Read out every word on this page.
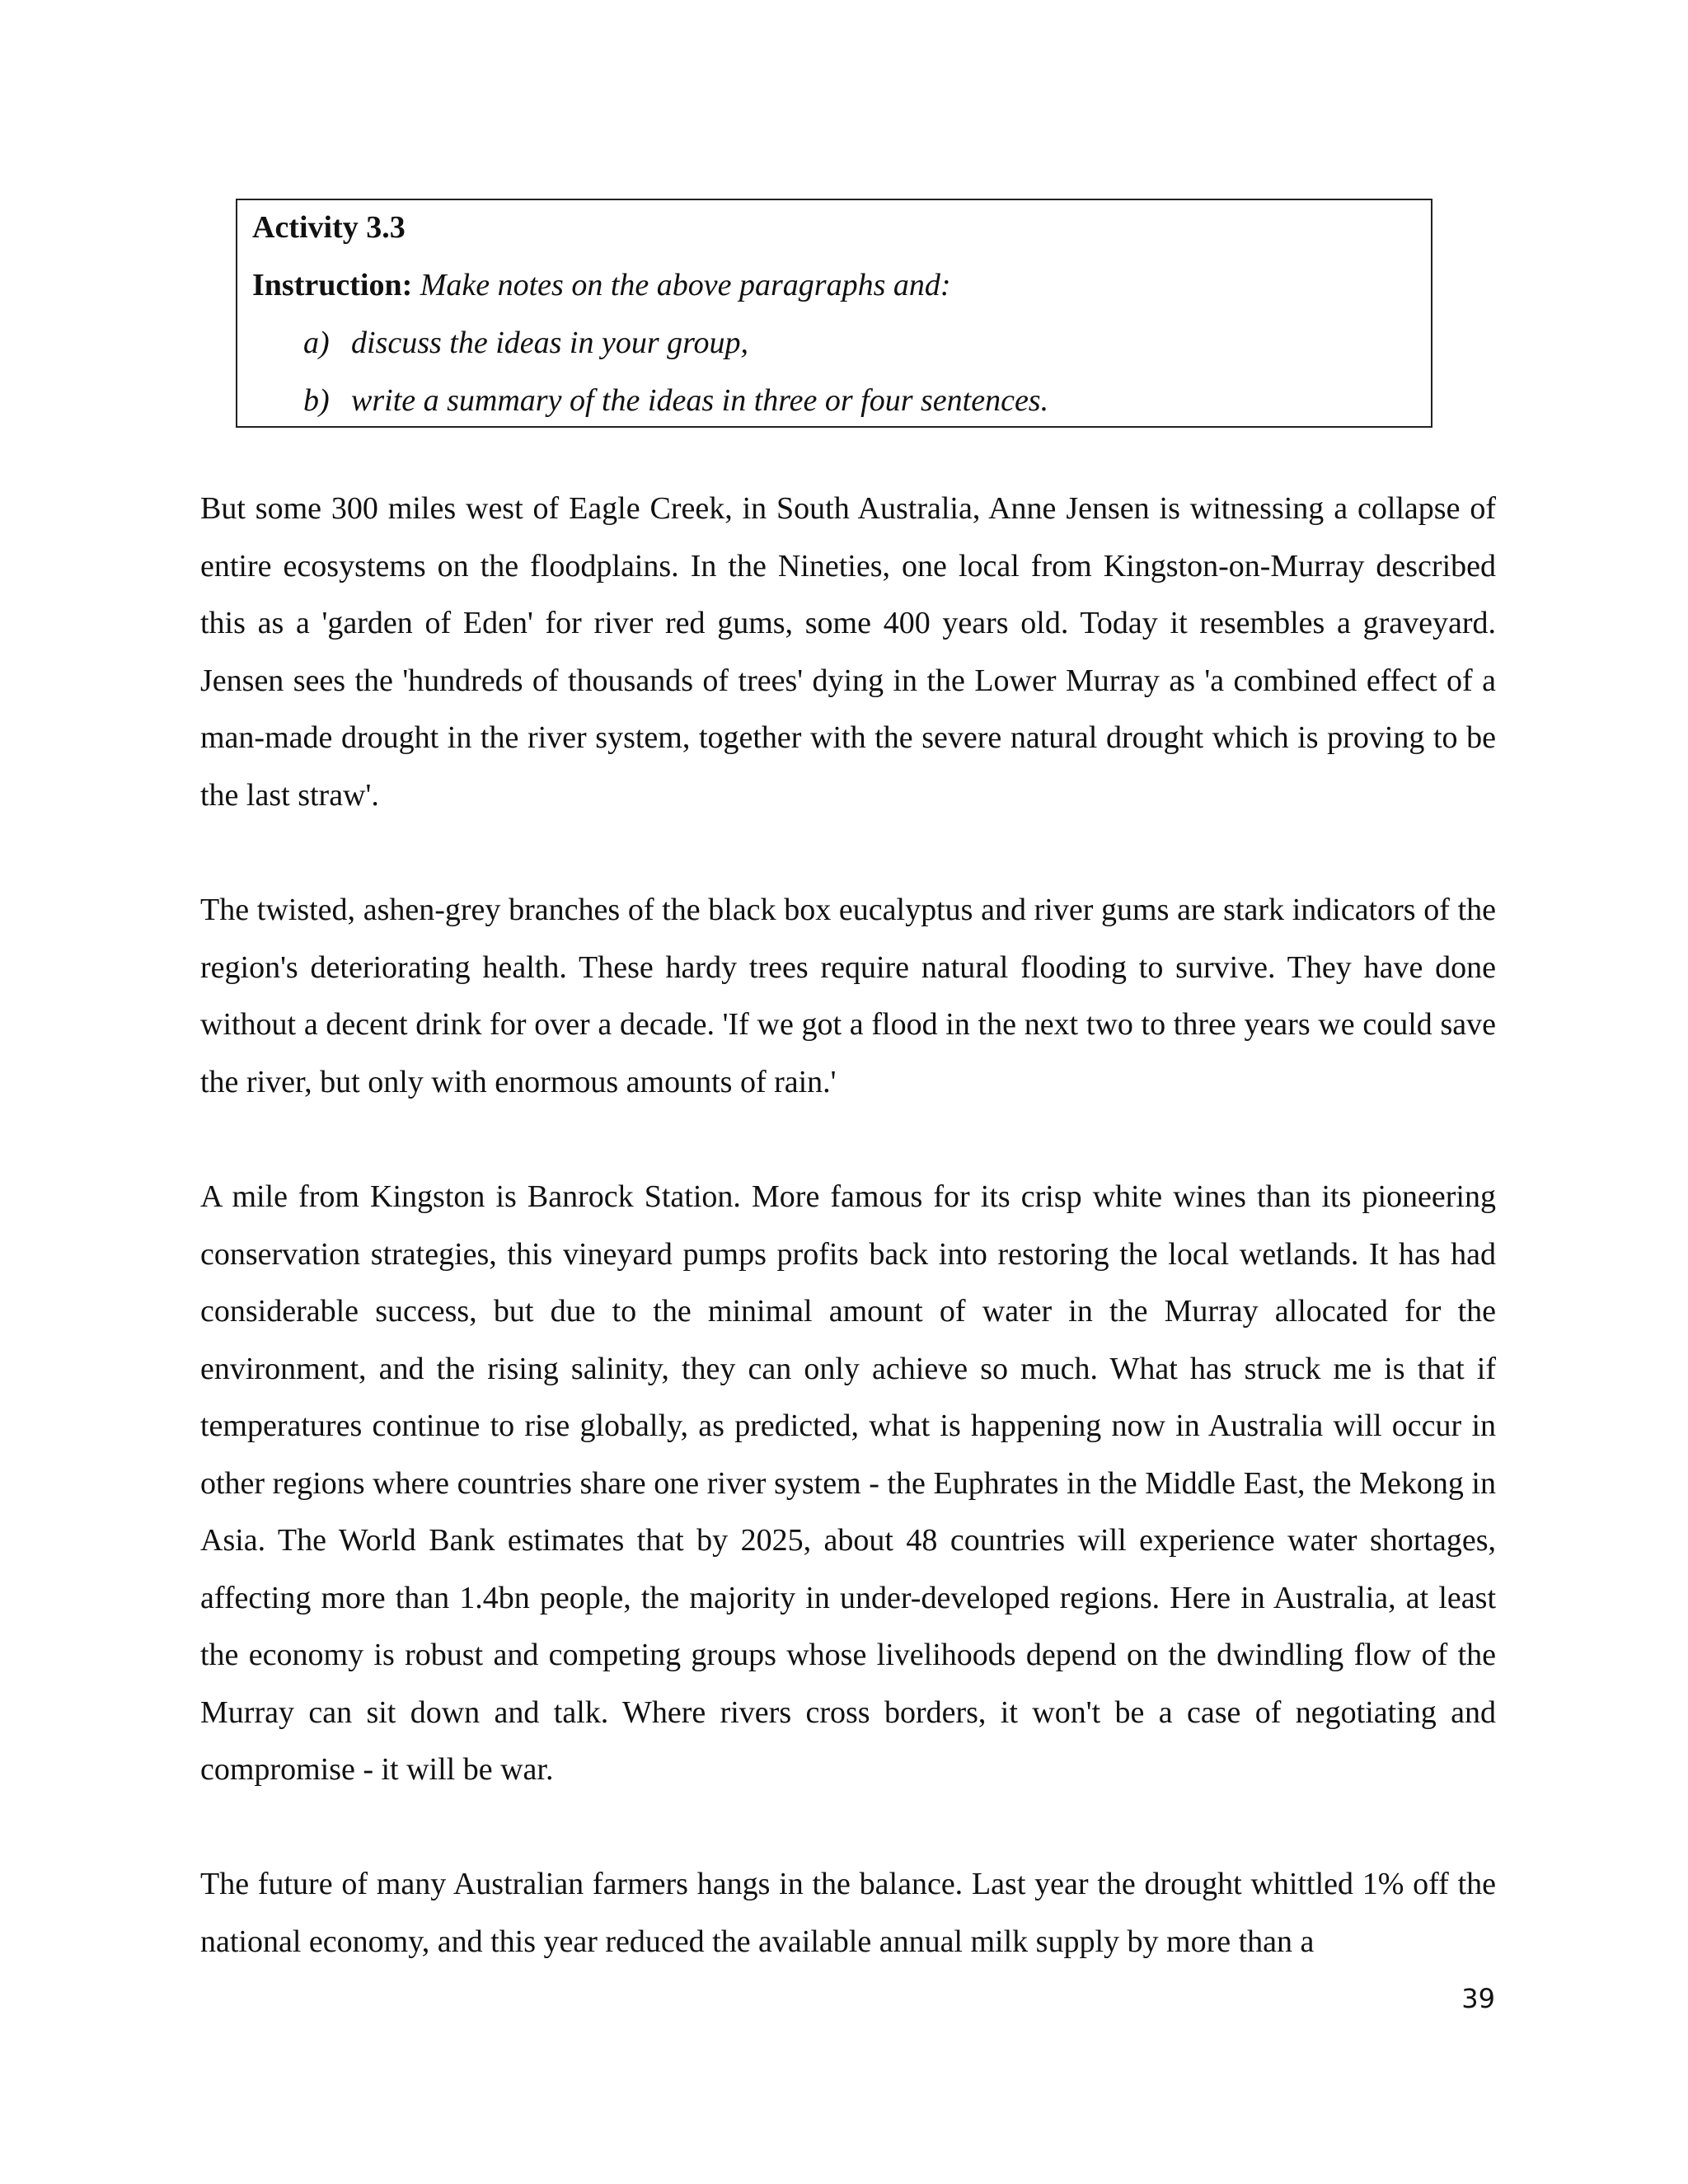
Activity 3.3
Instruction: Make notes on the above paragraphs and:
a) discuss the ideas in your group,
b) write a summary of the ideas in three or four sentences.

But some 300 miles west of Eagle Creek, in South Australia, Anne Jensen is witnessing a collapse of entire ecosystems on the floodplains. In the Nineties, one local from Kingston-on-Murray described this as a 'garden of Eden' for river red gums, some 400 years old. Today it resembles a graveyard. Jensen sees the 'hundreds of thousands of trees' dying in the Lower Murray as 'a combined effect of a man-made drought in the river system, together with the severe natural drought which is proving to be the last straw'.

The twisted, ashen-grey branches of the black box eucalyptus and river gums are stark indicators of the region's deteriorating health. These hardy trees require natural flooding to survive. They have done without a decent drink for over a decade. 'If we got a flood in the next two to three years we could save the river, but only with enormous amounts of rain.'

A mile from Kingston is Banrock Station. More famous for its crisp white wines than its pioneering conservation strategies, this vineyard pumps profits back into restoring the local wetlands. It has had considerable success, but due to the minimal amount of water in the Murray allocated for the environment, and the rising salinity, they can only achieve so much. What has struck me is that if temperatures continue to rise globally, as predicted, what is happening now in Australia will occur in other regions where countries share one river system - the Euphrates in the Middle East, the Mekong in Asia. The World Bank estimates that by 2025, about 48 countries will experience water shortages, affecting more than 1.4bn people, the majority in under-developed regions. Here in Australia, at least the economy is robust and competing groups whose livelihoods depend on the dwindling flow of the Murray can sit down and talk. Where rivers cross borders, it won't be a case of negotiating and compromise - it will be war.

The future of many Australian farmers hangs in the balance. Last year the drought whittled 1% off the national economy, and this year reduced the available annual milk supply by more than a

39
